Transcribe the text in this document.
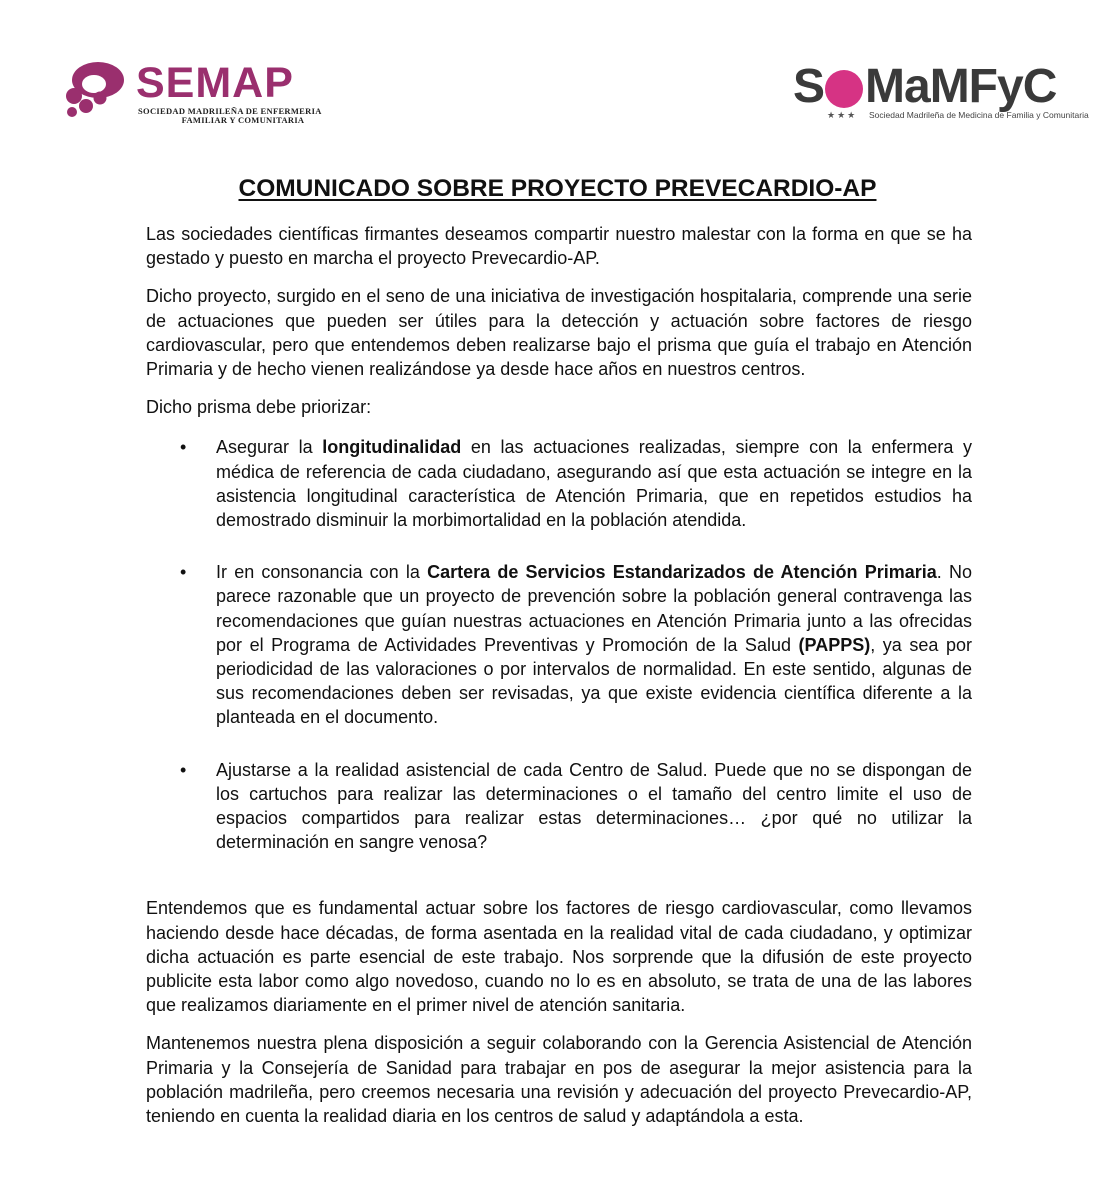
SEMAP
SOCIEDAD MADRILEÑA DE ENFERMERIA
FAMILIAR Y COMUNITARIA
S MaMFyC
★★★ Sociedad Madrileña de Medicina de Familia y Comunitaria
COMUNICADO SOBRE PROYECTO PREVECARDIO-AP

Las sociedades científicas firmantes deseamos compartir nuestro malestar con la forma en que se ha gestado y puesto en marcha el proyecto Prevecardio-AP.

Dicho proyecto, surgido en el seno de una iniciativa de investigación hospitalaria, comprende una serie de actuaciones que pueden ser útiles para la detección y actuación sobre factores de riesgo cardiovascular, pero que entendemos deben realizarse bajo el prisma que guía el trabajo en Atención Primaria y de hecho vienen realizándose ya desde hace años en nuestros centros.

Dicho prisma debe priorizar:

• Asegurar la longitudinalidad en las actuaciones realizadas, siempre con la enfermera y médica de referencia de cada ciudadano, asegurando así que esta actuación se integre en la asistencia longitudinal característica de Atención Primaria, que en repetidos estudios ha demostrado disminuir la morbimortalidad en la población atendida.

• Ir en consonancia con la Cartera de Servicios Estandarizados de Atención Primaria. No parece razonable que un proyecto de prevención sobre la población general contravenga las recomendaciones que guían nuestras actuaciones en Atención Primaria junto a las ofrecidas por el Programa de Actividades Preventivas y Promoción de la Salud (PAPPS), ya sea por periodicidad de las valoraciones o por intervalos de normalidad. En este sentido, algunas de sus recomendaciones deben ser revisadas, ya que existe evidencia científica diferente a la planteada en el documento.

• Ajustarse a la realidad asistencial de cada Centro de Salud. Puede que no se dispongan de los cartuchos para realizar las determinaciones o el tamaño del centro limite el uso de espacios compartidos para realizar estas determinaciones… ¿por qué no utilizar la determinación en sangre venosa?

Entendemos que es fundamental actuar sobre los factores de riesgo cardiovascular, como llevamos haciendo desde hace décadas, de forma asentada en la realidad vital de cada ciudadano, y optimizar dicha actuación es parte esencial de este trabajo. Nos sorprende que la difusión de este proyecto publicite esta labor como algo novedoso, cuando no lo es en absoluto, se trata de una de las labores que realizamos diariamente en el primer nivel de atención sanitaria.

Mantenemos nuestra plena disposición a seguir colaborando con la Gerencia Asistencial de Atención Primaria y la Consejería de Sanidad para trabajar en pos de asegurar la mejor asistencia para la población madrileña, pero creemos necesaria una revisión y adecuación del proyecto Prevecardio-AP, teniendo en cuenta la realidad diaria en los centros de salud y adaptándola a esta.
